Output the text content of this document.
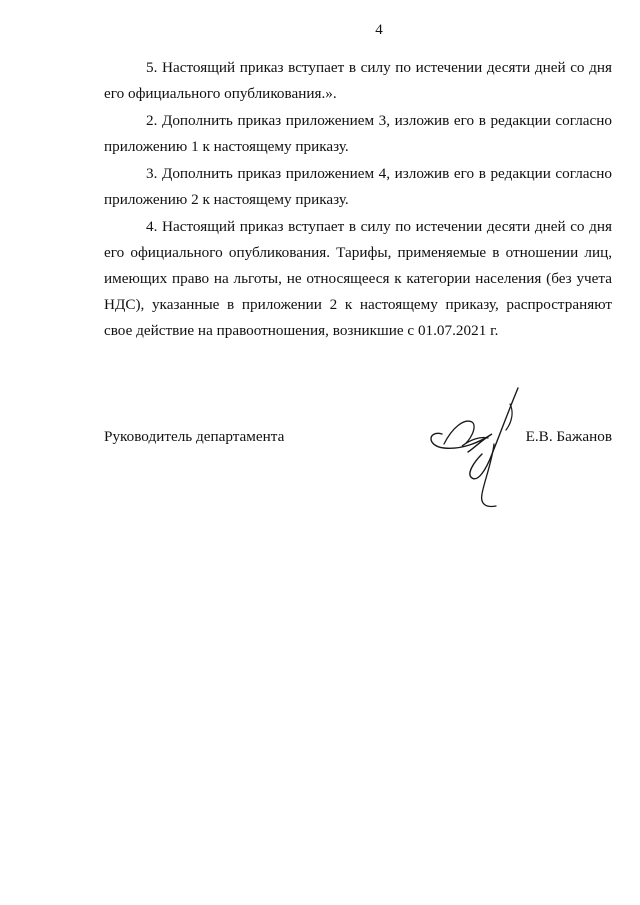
4

5. Настоящий приказ вступает в силу по истечении десяти дней со дня его официального опубликования.».

2. Дополнить приказ приложением 3, изложив его в редакции согласно приложению 1 к настоящему приказу.

3. Дополнить приказ приложением 4, изложив его в редакции согласно приложению 2 к настоящему приказу.

4. Настоящий приказ вступает в силу по истечении десяти дней со дня его официального опубликования. Тарифы, применяемые в отношении лиц, имеющих право на льготы, не относящееся к категории населения (без учета НДС), указанные в приложении 2 к настоящему приказу, распространяют свое действие на правоотношения, возникшие с 01.07.2021 г.

Руководитель департамента	Е.В. Бажанов
